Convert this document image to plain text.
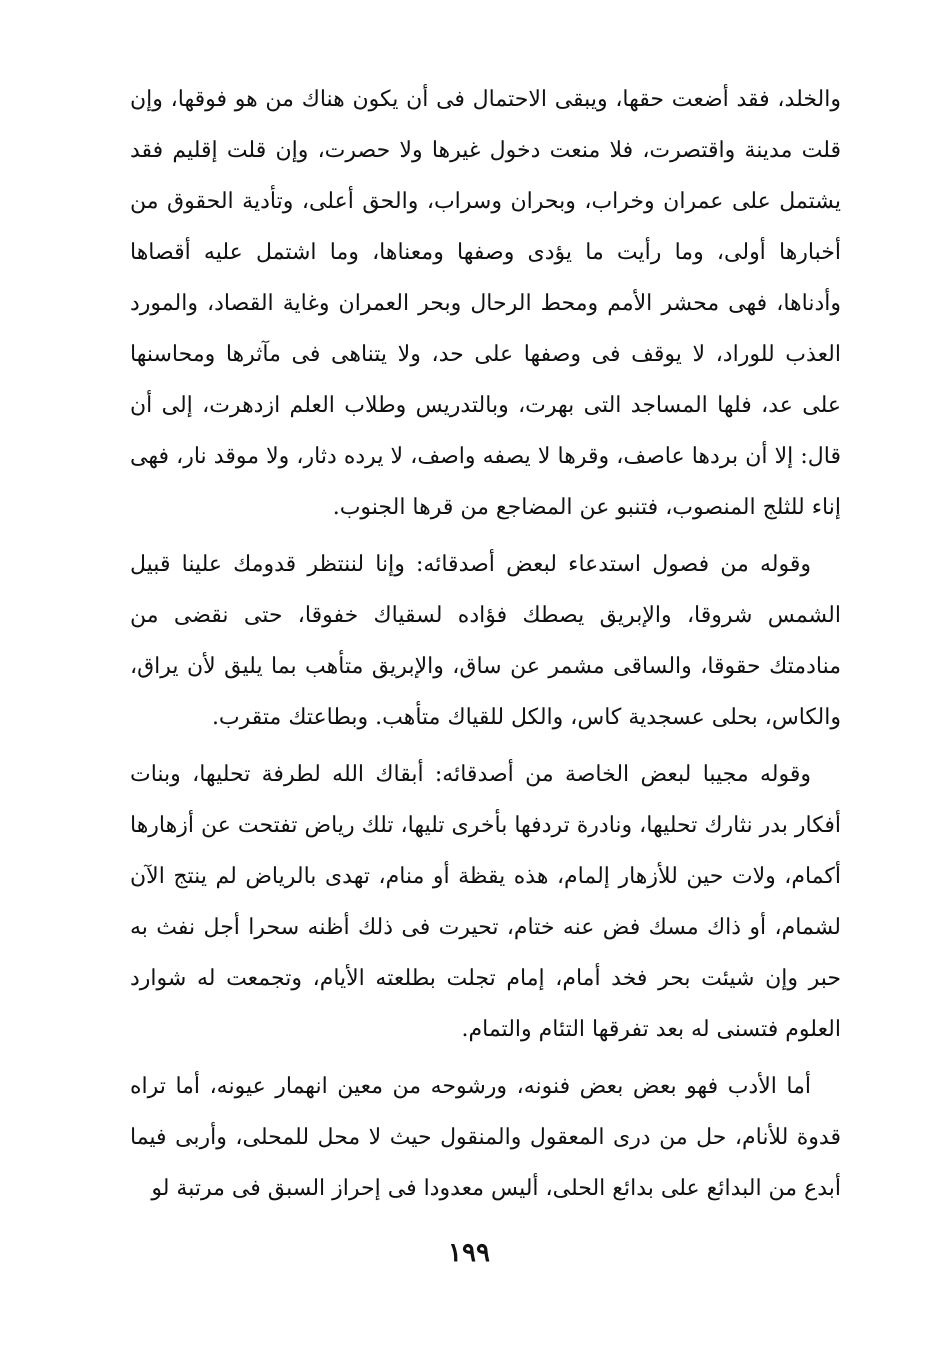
والخلد، فقد أضعت حقها، ويبقى الاحتمال فى أن يكون هناك من هو فوقها، وإن قلت مدينة واقتصرت، فلا منعت دخول غيرها ولا حصرت، وإن قلت إقليم فقد يشتمل على عمران وخراب، وبحران وسراب، والحق أعلى، وتأدية الحقوق من أخبارها أولى، وما رأيت ما يؤدى وصفها ومعناها، وما اشتمل عليه أقصاها وأدناها، فهى محشر الأمم ومحط الرحال وبحر العمران وغاية القصاد، والمورد العذب للوراد، لا يوقف فى وصفها على حد، ولا يتناهى فى مآثرها ومحاسنها على عد، فلها المساجد التى بهرت، وبالتدريس وطلاب العلم ازدهرت، إلى أن قال: إلا أن بردها عاصف، وقرها لا يصفه واصف، لا يرده دثار، ولا موقد نار، فهى إناء للثلج المنصوب، فتنبو عن المضاجع من قرها الجنوب.

وقوله من فصول استدعاء لبعض أصدقائه: وإنا لننتظر قدومك علينا قبيل الشمس شروقا، والإبريق يصطك فؤاده لسقياك خفوقا، حتى نقضى من منادمتك حقوقا، والساقى مشمر عن ساق، والإبريق متأهب بما يليق لأن يراق، والكاس، بحلى عسجدية كاس، والكل للقياك متأهب. وبطاعتك متقرب.

وقوله مجيبا لبعض الخاصة من أصدقائه: أبقاك الله لطرفة تحليها، وبنات أفكار بدر نثارك تحليها، ونادرة تردفها بأخرى تليها، تلك رياض تفتحت عن أزهارها أكمام، ولات حين للأزهار إلمام، هذه يقظة أو منام، تهدى بالرياض لم ينتج الآن لشمام، أو ذاك مسك فض عنه ختام، تحيرت فى ذلك أظنه سحرا أجل نفث به حبر وإن شيئت بحر فخد أمام، إمام تجلت بطلعته الأيام، وتجمعت له شوارد العلوم فتسنى له بعد تفرقها التئام والتمام.

أما الأدب فهو بعض بعض فنونه، ورشوحه من معين انهمار عيونه، أما تراه قدوة للأنام، حل من درى المعقول والمنقول حيث لا محل للمحلى، وأربى فيما أبدع من البدائع على بدائع الحلى، أليس معدودا فى إحراز السبق فى مرتبة لو

١٩٩
